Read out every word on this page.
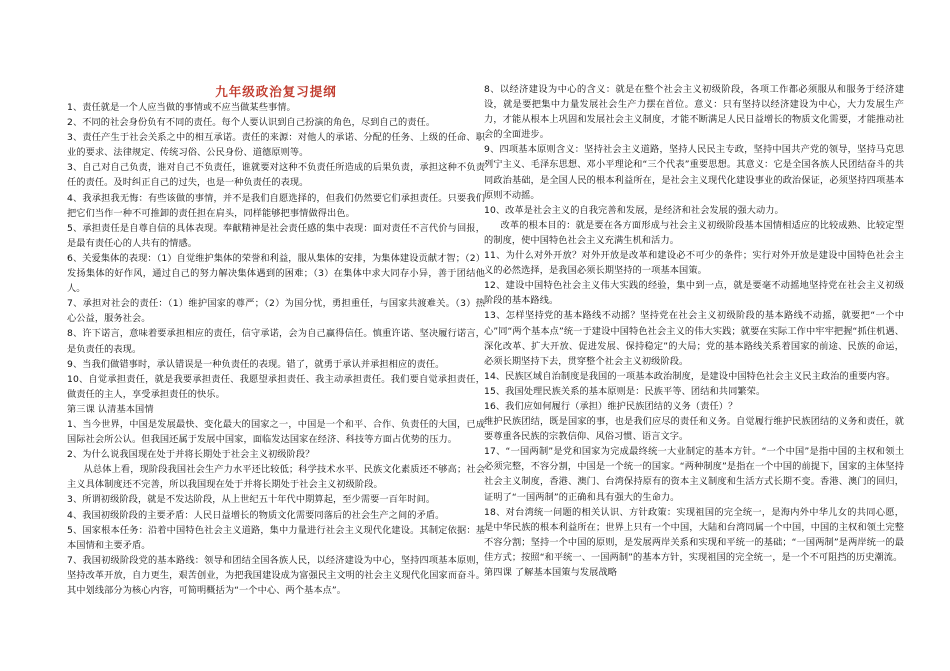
九年级政治复习提纲

1、责任就是一个人应当做的事情或不应当做某些事情。

2、不同的社会身份负有不同的责任。每个人要认识到自己扮演的角色，尽到自己的责任。

3、责任产生于社会关系之中的相互承诺。责任的来源：对他人的承诺、分配的任务、上级的任命、职业的要求、法律规定、传统习俗、公民身份、道德原则等。

3、自己对自己负责，谁对自己不负责任，谁就要对这种不负责任所造成的后果负责，承担这种不负责任的责任。及时纠正自己的过失，也是一种负责任的表现。

4、我承担我无悔：有些该做的事情，并不是我们自愿选择的，但我们仍然要它们承担责任。只要我们把它们当作一种不可推卸的责任担在肩头，同样能够把事情做得出色。

5、承担责任是自尊自信的具体表现。奉献精神是社会责任感的集中表现：面对责任不言代价与回报，是最有责任心的人共有的情感。

6、关爱集体的表现：（1）自觉维护集体的荣誉和利益，服从集体的安排，为集体建设贡献才智；（2）发扬集体的好作风，通过自己的努力解决集体遇到的困难；（3）在集体中求大同存小异，善于团结他人。

7、承担对社会的责任：（1）维护国家的尊严；（2）为国分忧，勇担重任，与国家共渡难关。（3）热心公益，服务社会。

8、许下诺言，意味着要承担相应的责任，信守承诺，会为自己赢得信任。慎重许诺、坚决履行诺言，是负责任的表现。

9、当我们做错事时，承认错误是一种负责任的表现。错了，就勇于承认并承担相应的责任。

10、自觉承担责任，就是我要承担责任、我愿望承担责任、我主动承担责任。我们要自觉承担责任，做责任的主人，享受承担责任的快乐。

第三课 认清基本国情

1、当今世界，中国是发展最快、变化最大的国家之一，中国是一个和平、合作、负责任的大国，已成国际社会所公认。但我国还属于发展中国家，面临发达国家在经济、科技等方面占优势的压力。

2、为什么说我国现在处于并将长期处于社会主义初级阶段？

从总体上看，现阶段我国社会生产力水平还比较低；科学技术水平、民族文化素质还不够高；社会主义具体制度还不完善，所以我国现在处于并将长期处于社会主义初级阶段。

3、所谓初级阶段，就是不发达阶段，从上世纪五十年代中期算起，至少需要一百年时间。

4、我国初级阶段的主要矛盾：人民日益增长的物质文化需要同落后的社会生产之间的矛盾。

5、国家根本任务：沿着中国特色社会主义道路，集中力量进行社会主义现代化建设。其制定依据：基本国情和主要矛盾。

7、我国初级阶段党的基本路线：领导和团结全国各族人民，以经济建设为中心，坚持四项基本原则，坚持改革开放，自力更生，艰苦创业，为把我国建设成为富强民主文明的社会主义现代化国家而奋斗。其中划线部分为核心内容，可简明概括为“一个中心、两个基本点”。

8、以经济建设为中心的含义：就是在整个社会主义初级阶段，各项工作都必须服从和服务于经济建设，就是要把集中力量发展社会生产力摆在首位。意义：只有坚持以经济建设为中心，大力发展生产力，才能从根本上巩固和发展社会主义制度，才能不断满足人民日益增长的物质文化需要，才能推动社会的全面进步。

9、四项基本原则含义：坚持社会主义道路，坚持人民民主专政，坚持中国共产党的领导，坚持马克思列宁主义、毛泽东思想、邓小平理论和“三个代表”重要思想。其意义：它是全国各族人民团结奋斗的共同政治基础，是全国人民的根本利益所在，是社会主义现代化建设事业的政治保证，必须坚持四项基本原则不动摇。

10、改革是社会主义的自我完善和发展，是经济和社会发展的强大动力。

改革的根本目的：就是要在各方面形成与社会主义初级阶段基本国情相适应的比较成熟、比较定型的制度，使中国特色社会主义充满生机和活力。

11、为什么对外开放？对外开放是改革和建设必不可少的条件；实行对外开放是建设中国特色社会主义的必然选择，是我国必须长期坚持的一项基本国策。

12、建设中国特色社会主义伟大实践的经验，集中到一点，就是要毫不动摇地坚持党在社会主义初级阶段的基本路线。

13、怎样坚持党的基本路线不动摇？坚持党在社会主义初级阶段的基本路线不动摇，就要把“一个中心”同“两个基本点”统一于建设中国特色社会主义的伟大实践；就要在实际工作中牢牢把握“抓住机遇、深化改革、扩大开放、促进发展、保持稳定”的大局；党的基本路线关系着国家的前途、民族的命运，必须长期坚持下去，贯穿整个社会主义初级阶段。

14、民族区域自治制度是我国的一项基本政治制度，是建设中国特色社会主义民主政治的重要内容。

15、我国处理民族关系的基本原则是：民族平等、团结和共同繁荣。

16、我们应如何履行（承担）维护民族团结的义务（责任）？

维护民族团结，既是国家的事，也是我们应尽的责任和义务。自觉履行维护民族团结的义务和责任，就要尊重各民族的宗教信仰、风俗习惯、语言文字。

17、“一国两制”是党和国家为完成最终统一大业制定的基本方针。“一个中国”是指中国的主权和领土必须完整，不容分割，中国是一个统一的国家。“两种制度”是指在一个中国的前提下，国家的主体坚持社会主义制度，香港、澳门、台湾保持原有的资本主义制度和生活方式长期不变。香港、澳门的回归，证明了“一国两制”的正确和具有强大的生命力。

18、对台湾统一问题的相关认识、方针政策：实现祖国的完全统一，是海内外中华儿女的共同心愿，是中华民族的根本利益所在；世界上只有一个中国，大陆和台湾同属一个中国，中国的主权和领土完整不容分割；坚持一个中国的原则，是发展两岸关系和实现和平统一的基础；“一国两制”是两岸统一的最佳方式；按照“和平统一、一国两制”的基本方针，实现祖国的完全统一，是一个不可阻挡的历史潮流。

第四课 了解基本国策与发展战略
